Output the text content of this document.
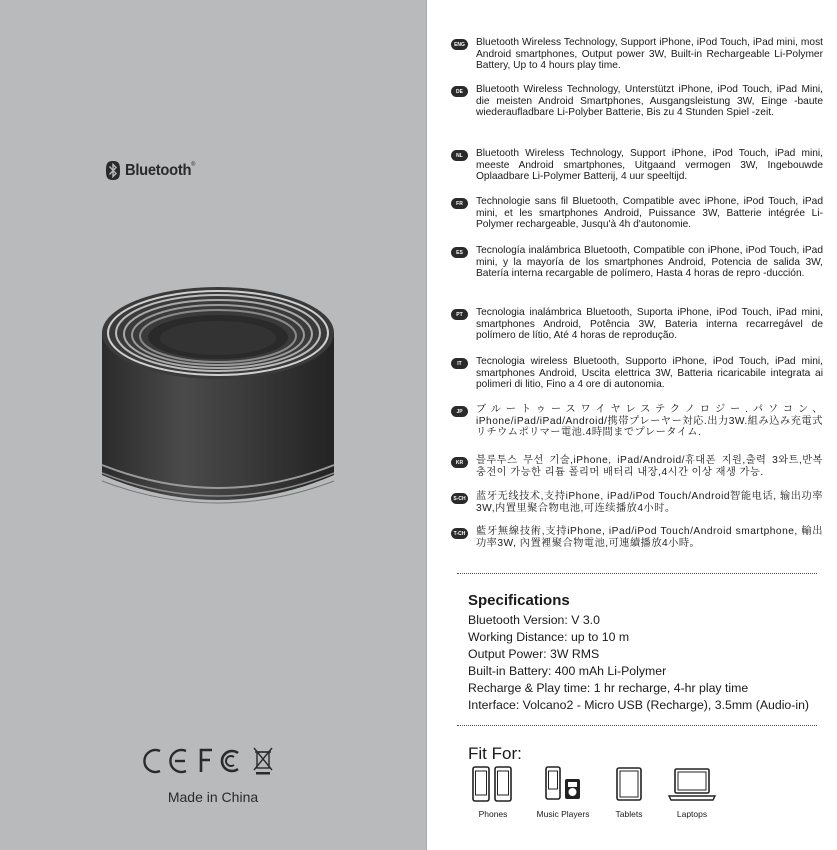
Bluetooth®
Made in China
ENG	Bluetooth Wireless Technology, Support iPhone, iPod Touch, iPad mini, most Android smartphones, Output power 3W, Built-in Rechargeable Li-Polymer Battery, Up to 4 hours play time.
DE	Bluetooth Wireless Technology, Unterstützt iPhone, iPod Touch, iPad Mini, die meisten Android Smartphones, Ausgangsleistung 3W, Einge -baute wiederaufladbare Li-Polyber Batterie, Bis zu 4 Stunden Spiel -zeit.
NL	Bluetooth Wireless Technology, Support iPhone, iPod Touch, iPad mini, meeste Android smartphones, Uitgaand vermogen 3W, Ingebouwde Oplaadbare Li-Polymer Batterij, 4 uur speeltijd.
FR	Technologie sans fil Bluetooth, Compatible avec iPhone, iPod Touch, iPad mini, et les smartphones Android, Puissance 3W, Batterie intégrée Li-Polymer rechargeable, Jusqu'à 4h d'autonomie.
ES	Tecnología inalámbrica Bluetooth, Compatible con iPhone, iPod Touch, iPad mini, y la mayoría de los smartphones Android, Potencia de salida 3W, Batería interna recargable de polímero, Hasta 4 horas de repro -ducción.
PT	Tecnologia inalámbrica Bluetooth, Suporta iPhone, iPod Touch, iPad mini, smartphones Android, Potência 3W, Bateria interna recarregável de polímero de lítio, Até 4 horas de reprodução.
IT	Tecnologia wireless Bluetooth, Supporto iPhone, iPod Touch, iPad mini, smartphones Android, Uscita elettrica 3W, Batteria ricaricabile integrata ai polimeri di litio, Fino a 4 ore di autonomia.
JP	ブルートゥースワイヤレステクノロジー.パソコン、iPhone/iPad/iPad/Android/携帯プレーヤー対応.出力3W.組み込み充電式リチウムポリマー電池.4時間までプレータイム.
KR	블루투스 무선 기술,iPhone, iPad/Android/휴대폰 지원,출력 3와트,반복 충전이 가능한 리튬 폴리머 배터리 내장,4시간 이상 재생 가능.
S-CH 蓝牙无线技术,支持iPhone, iPad/iPod Touch/Android智能电话, 输出功率3W,内置里聚合物电池,可连续播放4小时。
T-CH 藍牙無線技術,支持iPhone, iPad/iPod Touch/Android smartphone, 輸出功率3W, 內置裡聚合物電池,可連續播放4小時。
Specifications
Bluetooth Version: V 3.0
Working Distance: up to 10 m
Output Power: 3W RMS
Built-in Battery: 400 mAh Li-Polymer
Recharge & Play time: 1 hr recharge, 4-hr play time
Interface: Volcano2 - Micro USB (Recharge), 3.5mm (Audio-in)
Fit For:
Phones	Music Players	Tablets	Laptops
